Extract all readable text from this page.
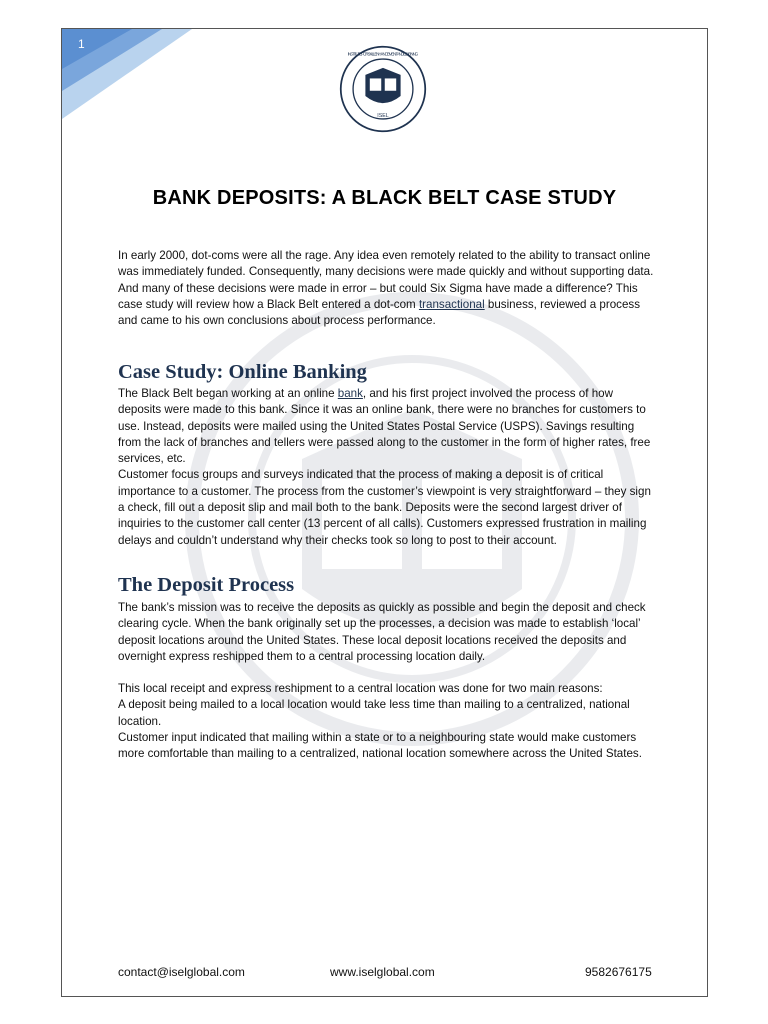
1
ISEL
INSTITUTE FOR SKILL ENHANCEMENT AND LEARNING
BANK DEPOSITS: A BLACK BELT CASE STUDY

In early 2000, dot-coms were all the rage. Any idea even remotely related to the ability to transact online was immediately funded. Consequently, many decisions were made quickly and without supporting data. And many of these decisions were made in error – but could Six Sigma have made a difference? This case study will review how a Black Belt entered a dot-com transactional business, reviewed a process and came to his own conclusions about process performance.

Case Study: Online Banking

The Black Belt began working at an online bank, and his first project involved the process of how deposits were made to this bank. Since it was an online bank, there were no branches for customers to use. Instead, deposits were mailed using the United States Postal Service (USPS). Savings resulting from the lack of branches and tellers were passed along to the customer in the form of higher rates, free services, etc.

Customer focus groups and surveys indicated that the process of making a deposit is of critical importance to a customer. The process from the customer’s viewpoint is very straightforward – they sign a check, fill out a deposit slip and mail both to the bank. Deposits were the second largest driver of inquiries to the customer call center (13 percent of all calls). Customers expressed frustration in mailing delays and couldn’t understand why their checks took so long to post to their account.

The Deposit Process

The bank’s mission was to receive the deposits as quickly as possible and begin the deposit and check clearing cycle. When the bank originally set up the processes, a decision was made to establish ‘local’ deposit locations around the United States. These local deposit locations received the deposits and overnight express reshipped them to a central processing location daily.

This local receipt and express reshipment to a central location was done for two main reasons:

A deposit being mailed to a local location would take less time than mailing to a centralized, national location.

Customer input indicated that mailing within a state or to a neighbouring state would make customers more comfortable than mailing to a centralized, national location somewhere across the United States.

contact@iselglobal.com	www.iselglobal.com	9582676175
